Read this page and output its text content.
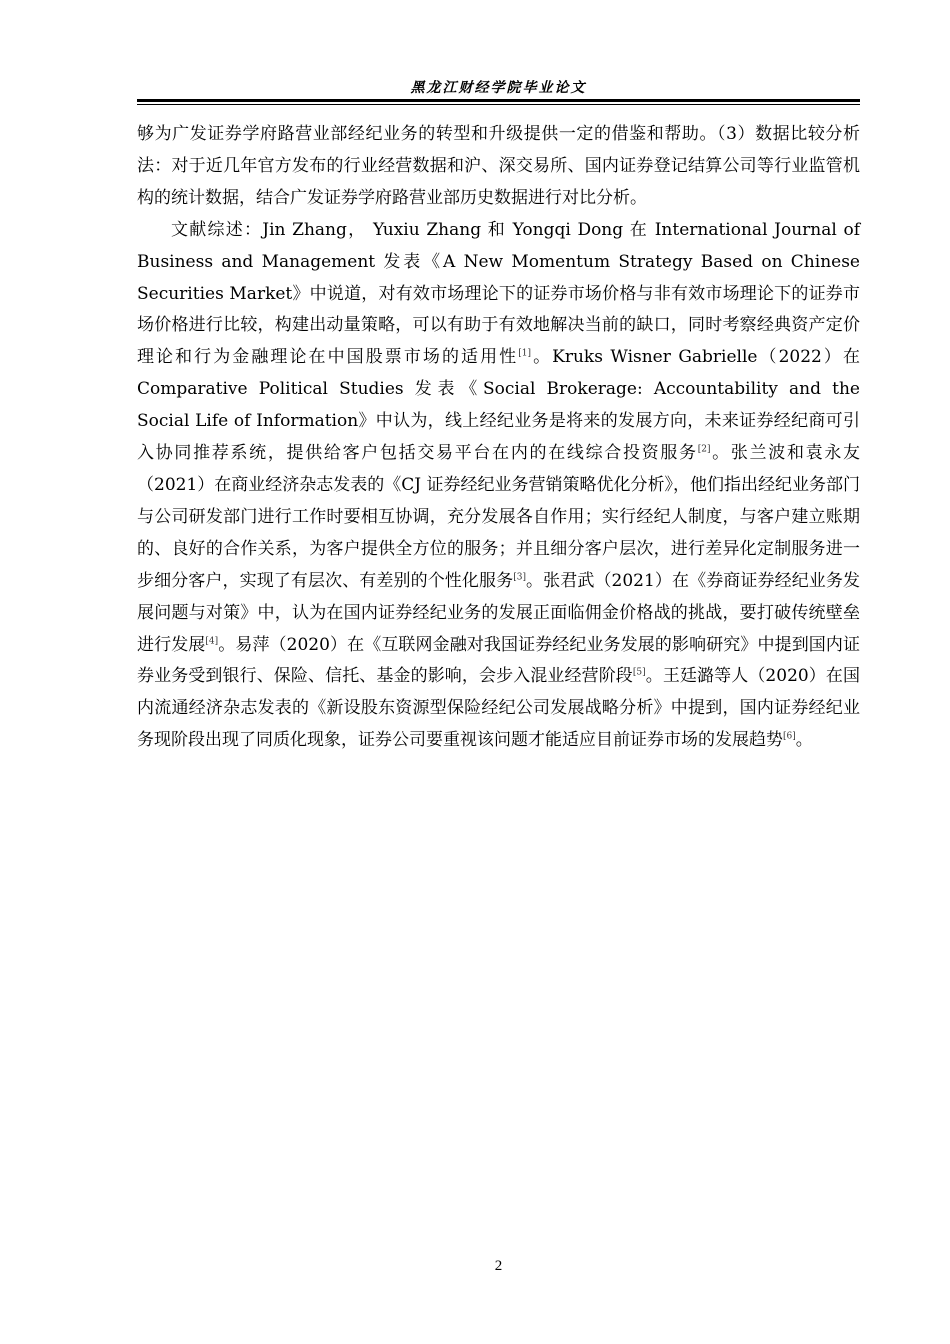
黑龙江财经学院毕业论文

够为广发证券学府路营业部经纪业务的转型和升级提供一定的借鉴和帮助。（3）数据比较分析法：对于近几年官方发布的行业经营数据和沪、深交易所、国内证券登记结算公司等行业监管机构的统计数据，结合广发证券学府路营业部历史数据进行对比分析。

文献综述：Jin Zhang， Yuxiu Zhang 和 Yongqi Dong 在 International Journal of Business and Management 发表《A New Momentum Strategy Based on Chinese Securities Market》中说道，对有效市场理论下的证券市场价格与非有效市场理论下的证券市场价格进行比较，构建出动量策略，可以有助于有效地解决当前的缺口，同时考察经典资产定价理论和行为金融理论在中国股票市场的适用性[1]。Kruks Wisner Gabrielle（2022）在 Comparative Political Studies 发表《Social Brokerage: Accountability and the Social Life of Information》中认为，线上经纪业务是将来的发展方向，未来证券经纪商可引入协同推荐系统，提供给客户包括交易平台在内的在线综合投资服务[2]。张兰波和袁永友（2021）在商业经济杂志发表的《CJ 证券经纪业务营销策略优化分析》，他们指出经纪业务部门与公司研发部门进行工作时要相互协调，充分发展各自作用；实行经纪人制度，与客户建立账期的、良好的合作关系，为客户提供全方位的服务；并且细分客户层次，进行差异化定制服务进一步细分客户，实现了有层次、有差别的个性化服务[3]。张君武（2021）在《券商证券经纪业务发展问题与对策》中，认为在国内证券经纪业务的发展正面临佣金价格战的挑战，要打破传统壁垒进行发展[4]。易萍（2020）在《互联网金融对我国证券经纪业务发展的影响研究》中提到国内证券业务受到银行、保险、信托、基金的影响，会步入混业经营阶段[5]。王廷潞等人（2020）在国内流通经济杂志发表的《新设股东资源型保险经纪公司发展战略分析》中提到，国内证券经纪业务现阶段出现了同质化现象，证券公司要重视该问题才能适应目前证券市场的发展趋势[6]。

2
